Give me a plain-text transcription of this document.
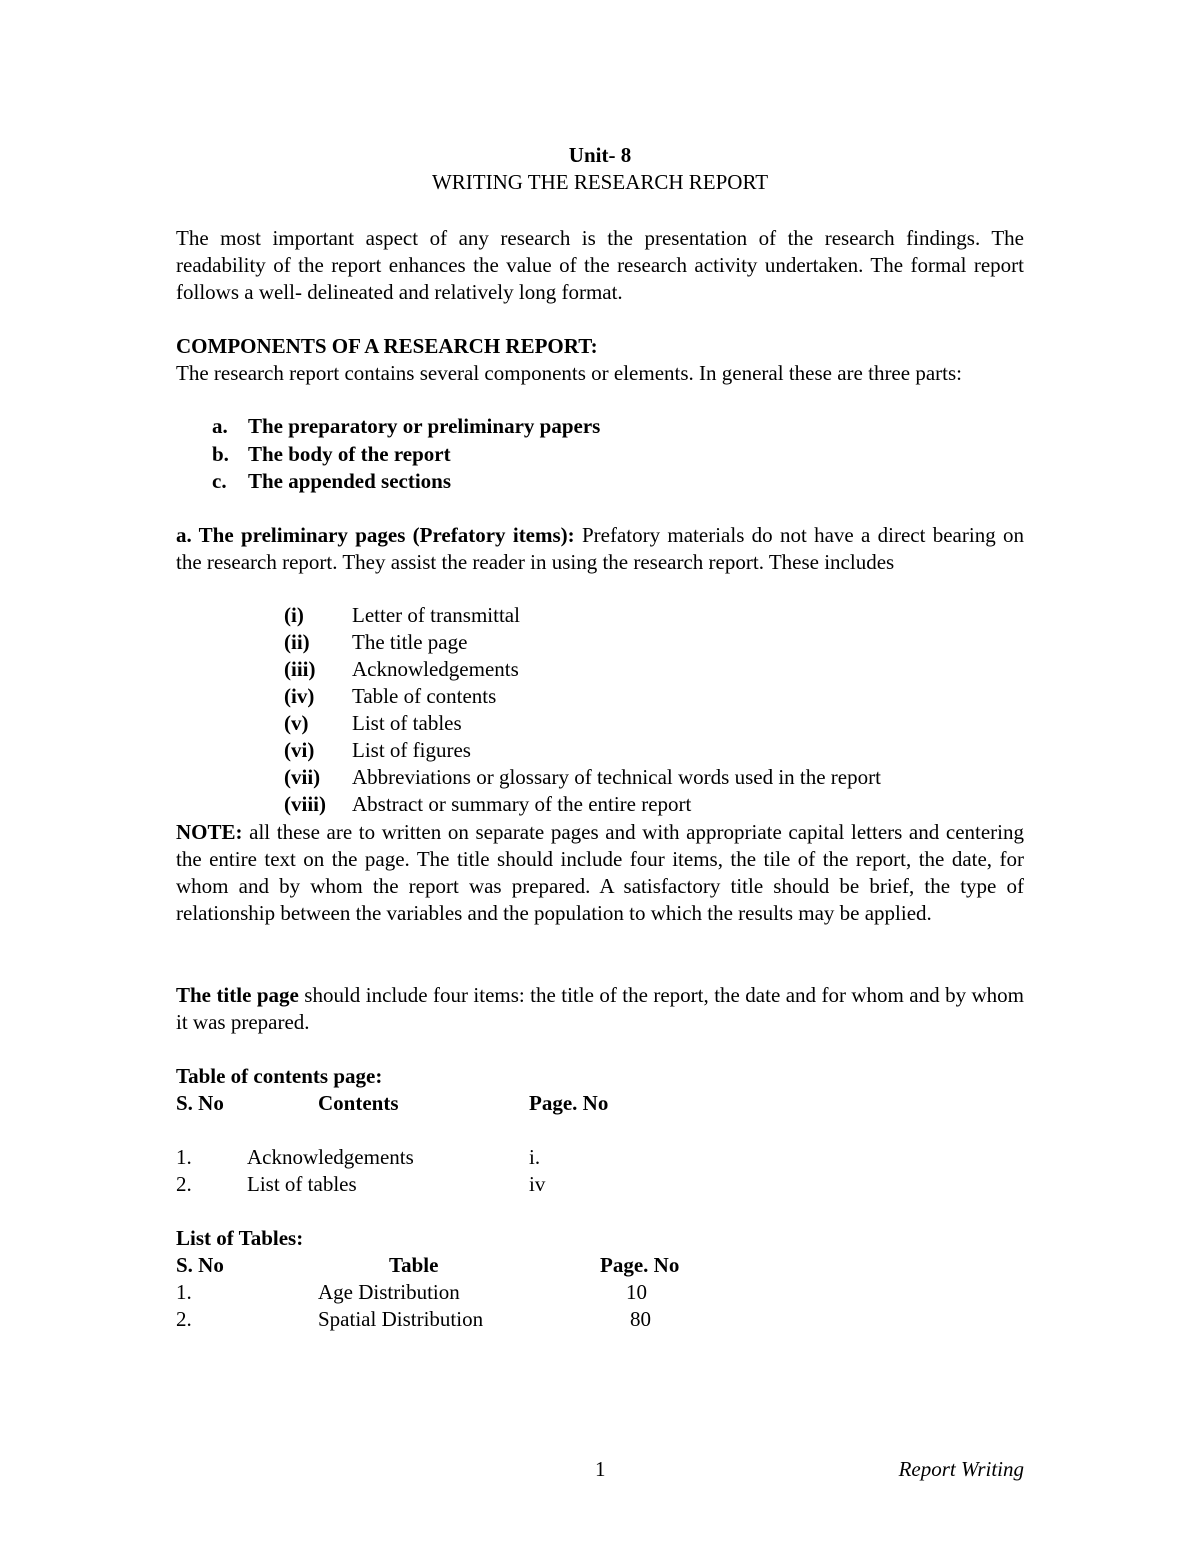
Unit- 8
WRITING THE RESEARCH REPORT
The most important aspect of any research is the presentation of the research findings. The readability of the report enhances the value of the research activity undertaken. The formal report follows a well- delineated and relatively long format.
COMPONENTS OF A RESEARCH REPORT:
The research report contains several components or elements. In general these are three parts:
a. The preparatory or preliminary papers
b. The body of the report
c.	The appended sections
a. The preliminary pages (Prefatory items): Prefatory materials do not have a direct bearing on the research report. They assist the reader in using the research report. These includes
(i)	Letter of transmittal
(ii)	The title page
(iii)	Acknowledgements
(iv)	Table of contents
(v)	List of tables
(vi)	List of figures
(vii)	Abbreviations or glossary of technical words used in the report
(viii)	Abstract or summary of the entire report
NOTE: all these are to written on separate pages and with appropriate capital letters and centering the entire text on the page. The title should include four items, the tile of the report, the date, for whom and by whom the report was prepared. A satisfactory title should be brief, the type of relationship between the variables and the population to which the results may be applied.
The title page should include four items: the title of the report, the date and for whom and by whom it was prepared.
Table of contents page:
S. No	Contents	Page. No
1.	Acknowledgements	i.
2.	List of tables	iv
List of Tables:
S. No	Table	Page. No
1.	Age Distribution	10
2.	Spatial Distribution	80
1	Report Writing
